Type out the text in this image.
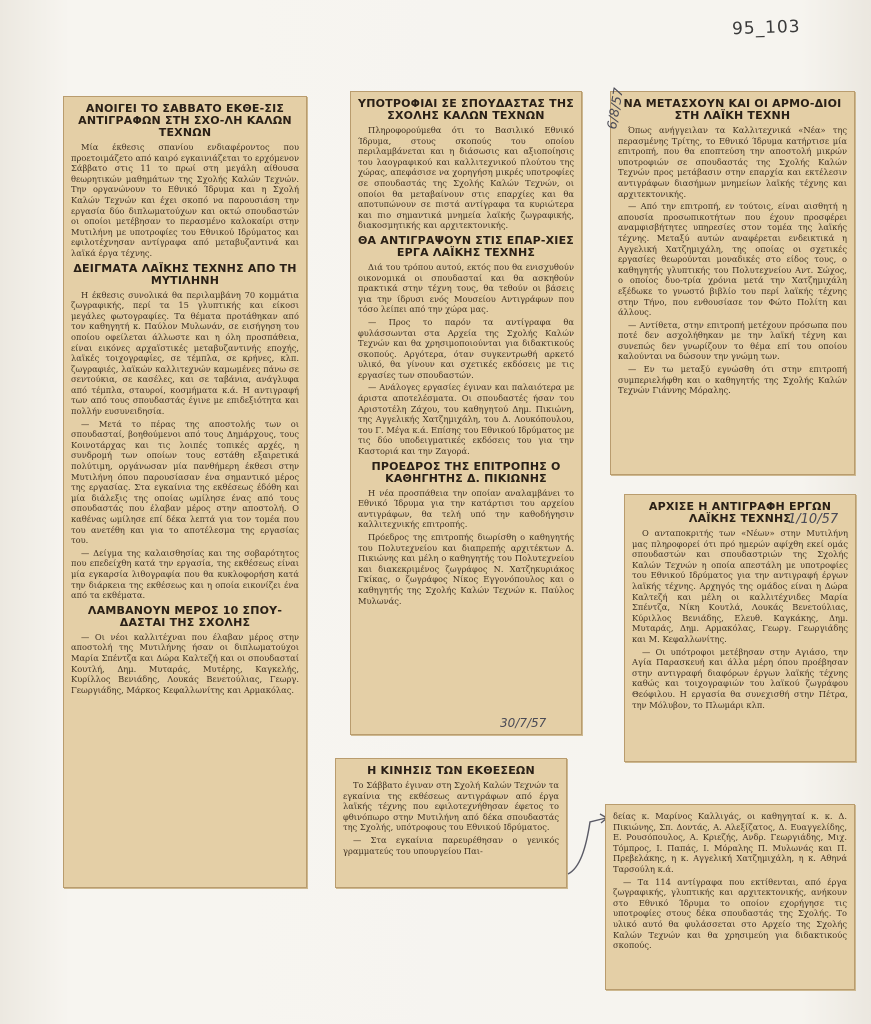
95_103
ΑΝΟΙΓΕΙ ΤΟ ΣΑΒΒΑΤΟ ΕΚΘΕ-ΣΙΣ ΑΝΤΙΓΡΑΦΩΝ ΣΤΗ ΣΧΟ-ΛΗ ΚΑΛΩΝ ΤΕΧΝΩΝ

Μία έκθεσις σπανίου ενδιαφέροντος που προετοιμάζετο από καιρό εγκαινιάζεται το ερχόμενον Σάββατο στις 11 το πρωί στη μεγάλη αίθουσα θεωρητικών μαθημάτων της Σχολής Καλών Τεχνών. Την οργανώνουν το Εθνικό Ίδρυμα και η Σχολή Καλών Τεχνών και έχει σκοπό να παρουσιάση την εργασία δύο διπλωματούχων και οκτώ σπουδαστών οι οποίοι μετέβησαν το περασμένο καλοκαίρι στην Μυτιλήνη με υποτροφίες του Εθνικού Ιδρύματος και εφιλοτέχνησαν αντίγραφα από μεταβυζαντινά και λαϊκά έργα τέχνης.

ΔΕΙΓΜΑΤΑ ΛΑΪΚΗΣ ΤΕΧΝΗΣ ΑΠΟ ΤΗ ΜΥΤΙΛΗΝΗ

Η έκθεσις συνολικά θα περιλαμβάνη 70 κομμάτια ζωγραφικής, περί τα 15 γλυπτικής και είκοσι μεγάλες φωτογραφίες. Τα θέματα προτάθηκαν από τον καθηγητή κ. Παύλον Μυλωνάν, σε εισήγηση του οποίου οφείλεται άλλωστε και η όλη προσπάθεια, είναι εικόνες αρχαϊστικές μεταβυζαντινής εποχής, λαϊκές τοιχογραφίες, σε τέμπλα, σε κρήνες, κλπ. ζωγραφιές, λαϊκών καλλιτεχνών καμωμένες πάνω σε σεντούκια, σε κασέλες, και σε ταβάνια, ανάγλυφα από τέμπλα, σταυροί, κοσμήματα κ.ά. Η αντιγραφή των από τους σπουδαστάς έγινε με επιδεξιότητα και πολλήν ευσυνειδησία.

— Μετά το πέρας της αποστολής των οι σπουδασταί, βοηθούμενοι από τους Δημάρχους, τους Κοινοτάρχας και τις λοιπές τοπικές αρχές, η συνδρομή των οποίων τους εστάθη εξαιρετικά πολύτιμη, οργάνωσαν μία πανθήμερη έκθεσι στην Μυτιλήνη όπου παρουσίασαν ένα σημαντικό μέρος της εργασίας. Στα εγκαίνια της εκθέσεως έδόθη και μία διάλεξις της οποίας ωμίλησε ένας από τους σπουδαστάς που έλαβαν μέρος στην αποστολή. Ο καθένας ωμίλησε επί δέκα λεπτά για τον τομέα που του ανετέθη και για το αποτέλεσμα της εργασίας του.

— Δείγμα της καλαισθησίας και της σοβαρότητος που επεδείχθη κατά την εργασία, της εκθέσεως είναι μία εγκαρσία λιθογραφία που θα κυκλοφορήση κατά την διάρκεια της εκθέσεως και η οποία εικονίζει ένα από τα εκθέματα.

ΛΑΜΒΑΝΟΥΝ ΜΕΡΟΣ 10 ΣΠΟΥ-ΔΑΣΤΑΙ ΤΗΣ ΣΧΟΛΗΣ

— Οι νέοι καλλιτέχναι που έλαβαν μέρος στην αποστολή της Μυτιλήνης ήσαν οι διπλωματούχοι Μαρία Σπέντζα και Δώρα Καλτεζή και οι σπουδασταί Κουτλή, Δημ. Μυταράς, Μυτέρης, Καγκελής, Κυρίλλος Βενιάδης, Λουκάς Βενετούλιας, Γεωργ. Γεωργιάδης, Μάρκος Κεφαλλωνίτης και Αρμακόλας.

ΥΠΟΤΡΟΦΙΑΙ ΣΕ ΣΠΟΥΔΑΣΤΑΣ ΤΗΣ ΣΧΟΛΗΣ ΚΑΛΩΝ ΤΕΧΝΩΝ

Πληροφορούμεθα ότι το Βασιλικό Εθνικό Ίδρυμα, στους σκοπούς του οποίου περιλαμβάνεται και η διάσωσις και αξιοποίησις του λαογραφικού και καλλιτεχνικού πλούτου της χώρας, απεφάσισε να χορηγήση μικρές υποτροφίες σε σπουδαστάς της Σχολής Καλών Τεχνών, οι οποίοι θα μεταβαίνουν στις επαρχίες και θα αποτυπώνουν σε πιστά αντίγραφα τα κυριώτερα και πιο σημαντικά μνημεία λαϊκής ζωγραφικής, διακοσμητικής και αρχιτεκτονικής.

ΘΑ ΑΝΤΙΓΡΑΨΟΥΝ ΣΤΙΣ ΕΠΑΡ-ΧΙΕΣ ΕΡΓΑ ΛΑΪΚΗΣ ΤΕΧΝΗΣ

Διά του τρόπου αυτού, εκτός που θα ενισχυθούν οικονομικά οι σπουδασταί και θα ασκηθούν πρακτικά στην τέχνη τους, θα τεθούν οι βάσεις για την ίδρυσι ενός Μουσείου Αντιγράφων που τόσο λείπει από την χώρα μας.

— Προς το παρόν τα αντίγραφα θα φυλάσσωνται στα Αρχεία της Σχολής Καλών Τεχνών και θα χρησιμοποιούνται για διδακτικούς σκοπούς. Αργότερα, όταν συγκεντρωθή αρκετό υλικό, θα γίνουν και σχετικές εκδόσεις με τις εργασίες των σπουδαστών.

— Ανάλογες εργασίες έγιναν και παλαιότερα με άριστα αποτελέσματα. Οι σπουδαστές ήσαν του Αριστοτέλη Ζάχου, του καθηγητού Δημ. Πικιώνη, της Αγγελικής Χατζημιχάλη, του Δ. Λουκόπουλου, του Γ. Μέγα κ.ά. Επίσης του Εθνικού Ιδρύματος με τις δύο υποδειγματικές εκδόσεις του για την Καστοριά και την Ζαγορά.

ΠΡΟΕΔΡΟΣ ΤΗΣ ΕΠΙΤΡΟΠΗΣ Ο ΚΑΘΗΓΗΤΗΣ Δ. ΠΙΚΙΩΝΗΣ

Η νέα προσπάθεια την οποίαν αναλαμβάνει το Εθνικό Ίδρυμα για την κατάρτισι του αρχείου αντιγράφων, θα τελή υπό την καθοδήγησιν καλλιτεχνικής επιτροπής.

Πρόεδρος της επιτροπής διωρίσθη ο καθηγητής του Πολυτεχνείου και διαπρεπής αρχιτέκτων Δ. Πικιώνης και μέλη ο καθηγητής του Πολυτεχνείου και διακεκριμένος ζωγράφος Ν. Χατζηκυριάκος Γκίκας, ο ζωγράφος Νίκος Εγγονόπουλος και ο καθηγητής της Σχολής Καλών Τεχνών κ. Παύλος Μυλωνάς.

30/7/57
ΝΑ ΜΕΤΑΣΧΟΥΝ ΚΑΙ ΟΙ ΑΡΜΟ-ΔΙΟΙ ΣΤΗ ΛΑΪΚΗ ΤΕΧΝΗ

Όπως ανήγγειλαν τα Καλλιτεχνικά «Νέα» της περασμένης Τρίτης, το Εθνικό Ίδρυμα κατήρτισε μία επιτροπή, που θα εποπτεύση την αποστολή μικρών υποτροφιών σε σπουδαστάς της Σχολής Καλών Τεχνών προς μετάβασιν στην επαρχία και εκτέλεσιν αντιγράφων διασήμων μνημείων λαϊκής τέχνης και αρχιτεκτονικής.

— Από την επιτροπή, εν τούτοις, είναι αισθητή η απουσία προσωπικοτήτων που έχουν προσφέρει αναμφισβήτητες υπηρεσίες στον τομέα της λαϊκής τέχνης. Μεταξύ αυτών αναφέρεται ενδεικτικά η Αγγελική Χατζημιχάλη, της οποίας οι σχετικές εργασίες θεωρούνται μοναδικές στο είδος τους, ο καθηγητής γλυπτικής του Πολυτεχνείου Αντ. Σώχος, ο οποίος δυο-τρία χρόνια μετά την Χατζημιχάλη εξέδωκε το γνωστό βιβλίο του περί λαϊκής τέχνης στην Τήνο, που ενθουσίασε τον Φώτο Πολίτη και άλλους.

— Αντίθετα, στην επιτροπή μετέχουν πρόσωπα που ποτέ δεν ασχολήθηκαν με την λαϊκή τέχνη και συνεπώς δεν γνωρίζουν το θέμα επί του οποίου καλούνται να δώσουν την γνώμη των.

— Εν τω μεταξύ εγνώσθη ότι στην επιτροπή συμπεριελήφθη και ο καθηγητής της Σχολής Καλών Τεχνών Γιάννης Μόραλης.

6/8/57
ΑΡΧΙΣΕ Η ΑΝΤΙΓΡΑΦΗ ΕΡΓΩΝ ΛΑΪΚΗΣ ΤΕΧΝΗΣ

Ο ανταποκριτής των «Νέων» στην Μυτιλήνη μας πληροφορεί ότι πρό ημερών αφίχθη εκεί ομάς σπουδαστών και σπουδαστριών της Σχολής Καλών Τεχνών η οποία απεστάλη με υποτροφίες του Εθνικού Ιδρύματος για την αντιγραφή έργων λαϊκής τέχνης. Αρχηγός της ομάδος είναι η Δώρα Καλτεζή και μέλη οι καλλιτέχνιδες Μαρία Σπέντζα, Νίκη Κουτλά, Λουκάς Βενετούλιας, Κύριλλος Βενιάδης, Ελευθ. Καγκάκης, Δημ. Μυταράς, Δημ. Αρμακόλας, Γεωργ. Γεωργιάδης και Μ. Κεφαλλωνίτης.

— Οι υπότροφοι μετέβησαν στην Αγιάσο, την Αγία Παρασκευή και άλλα μέρη όπου προέβησαν στην αντιγραφή διαφόρων έργων λαϊκής τέχνης καθώς και τοιχογραφιών του λαϊκού ζωγράφου Θεόφιλου. Η εργασία θα συνεχισθή στην Πέτρα, την Μόλυβον, το Πλωμάρι κλπ.

1/10/57
Η ΚΙΝΗΣΙΣ ΤΩΝ ΕΚΘΕΣΕΩΝ

Το Σάββατο έγιναν στη Σχολή Καλών Τεχνών τα εγκαίνια της εκθέσεως αντιγράφων από έργα λαϊκής τέχνης που εφιλοτεχνήθησαν έφετος το φθινόπωρο στην Μυτιλήνη από δέκα σπουδαστάς της Σχολής, υπότροφους του Εθνικού Ιδρύματος.

— Στα εγκαίνια παρευρέθησαν ο γενικός γραμματεύς του υπουργείου Παι-

δείας κ. Μαρίνος Καλλιγάς, οι καθηγηταί κ. κ. Δ. Πικιώνης, Σπ. Δοντάς, Α. Αλεξίζατος, Δ. Ευαγγελίδης, Ε. Ρουσόπουλος, Α. Κριεζής, Ανδρ. Γεωργιάδης, Μιχ. Τόμπρος, Ι. Παπάς, Ι. Μόραλης Π. Μυλωνάς και Π. Πρεβελάκης, η κ. Αγγελική Χατζημιχάλη, η κ. Αθηνά Ταρσούλη κ.ά.

— Τα 114 αντίγραφα που εκτίθενται, από έργα ζωγραφικής, γλυπτικής και αρχιτεκτονικής, ανήκουν στο Εθνικό Ίδρυμα το οποίον εχορήγησε τις υποτροφίες στους δέκα σπουδαστάς της Σχολής. Το υλικό αυτό θα φυλάσσεται στο Αρχείο της Σχολής Καλών Τεχνών και θα χρησιμεύη για διδακτικούς σκοπούς.
